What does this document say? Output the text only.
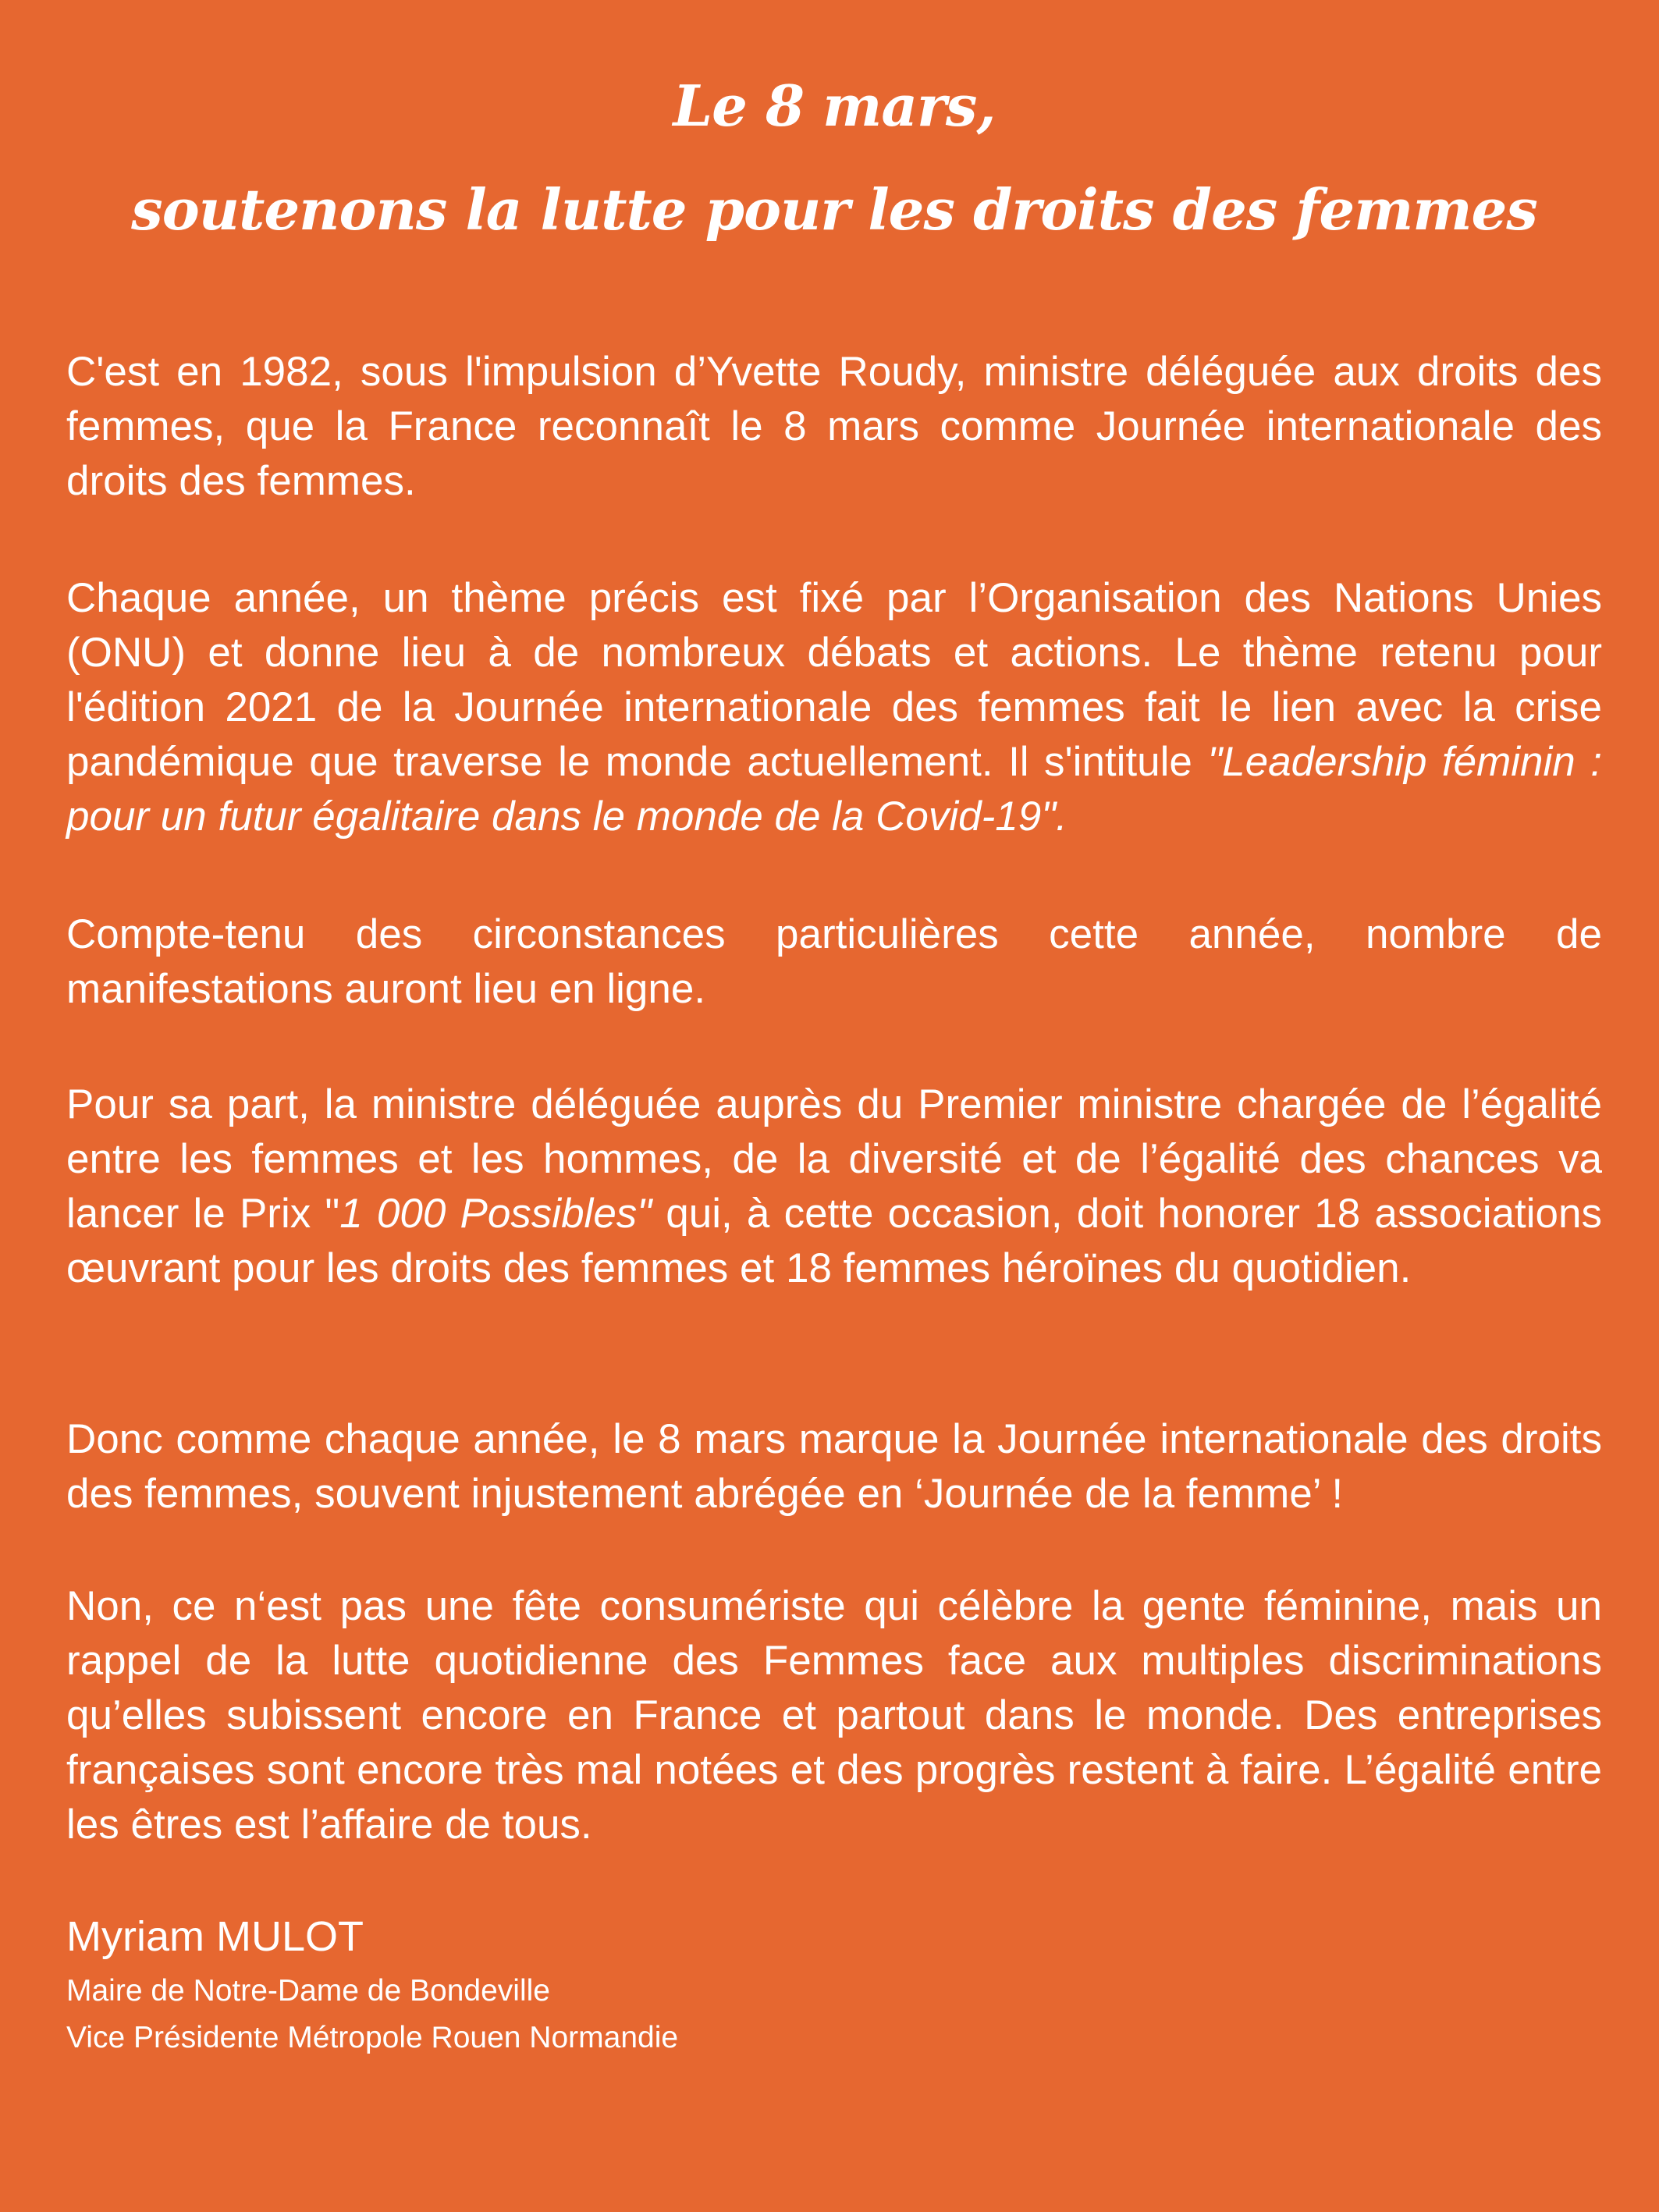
Le 8 mars,
soutenons la lutte pour les droits des femmes

C'est en 1982, sous l'impulsion d’Yvette Roudy, ministre déléguée aux droits des femmes, que la France reconnaît le 8 mars comme Journée internationale des droits des femmes.

Chaque année, un thème précis est fixé par l’Organisation des Nations Unies (ONU) et donne lieu à de nombreux débats et actions. Le thème retenu pour l'édition 2021 de la Journée internationale des femmes fait le lien avec la crise pandémique que traverse le monde actuellement. Il s'intitule "Leadership féminin : pour un futur égalitaire dans le monde de la Covid-19".

Compte-tenu des circonstances particulières cette année, nombre de manifestations auront lieu en ligne.

Pour sa part, la ministre déléguée auprès du Premier ministre chargée de l’égalité entre les femmes et les hommes, de la diversité et de l’égalité des chances va lancer le Prix "1 000 Possibles" qui, à cette occasion, doit honorer 18 associations œuvrant pour les droits des femmes et 18 femmes héroïnes du quotidien.

Donc comme chaque année, le 8 mars marque la Journée internationale des droits des femmes, souvent injustement abrégée en ‘Journée de la femme’ !

Non, ce n‘est pas une fête consumériste qui célèbre la gente féminine, mais un rappel de la lutte quotidienne des Femmes face aux multiples discriminations qu’elles subissent encore en France et partout dans le monde. Des entreprises françaises sont encore très mal notées et des progrès restent à faire. L’égalité entre les êtres est l’affaire de tous.

Myriam MULOT

Maire de Notre-Dame de Bondeville

Vice Présidente Métropole Rouen Normandie
